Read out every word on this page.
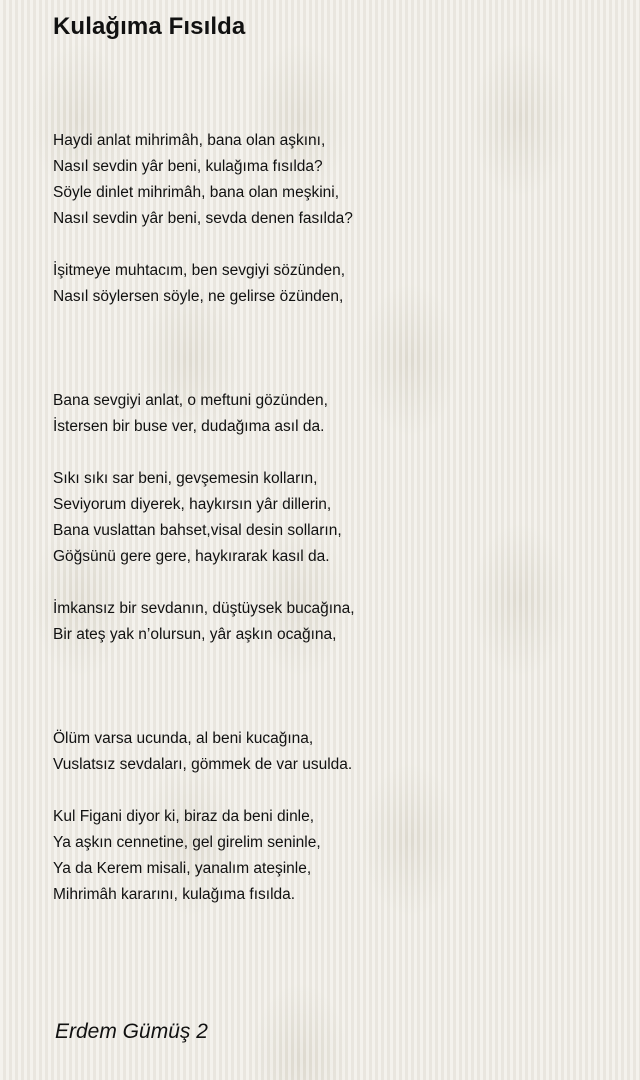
Kulağıma Fısılda
Haydi anlat mihrimâh, bana olan aşkını,
Nasıl sevdin yâr beni, kulağıma fısılda?
Söyle dinlet mihrimâh, bana olan meşkini,
Nasıl sevdin yâr beni, sevda denen fasılda?
İşitmeye muhtacım, ben sevgiyi sözünden,
Nasıl söylersen söyle, ne gelirse özünden,
Bana sevgiyi anlat, o meftuni gözünden,
İstersen bir buse ver, dudağıma asıl da.
Sıkı sıkı sar beni, gevşemesin kolların,
Seviyorum diyerek, haykırsın yâr dillerin,
Bana vuslattan bahset,visal desin solların,
Göğsünü gere gere, haykırarak kasıl da.
İmkansız bir sevdanın, düştüysek bucağına,
Bir ateş yak n’olursun, yâr aşkın ocağına,
Ölüm varsa ucunda, al beni kucağına,
Vuslatsız sevdaları, gömmek de var usulda.
Kul Figani diyor ki, biraz da beni dinle,
Ya aşkın cennetine, gel girelim seninle,
Ya da Kerem misali, yanalım ateşinle,
Mihrimâh kararını, kulağıma fısılda.
Erdem Gümüş 2
